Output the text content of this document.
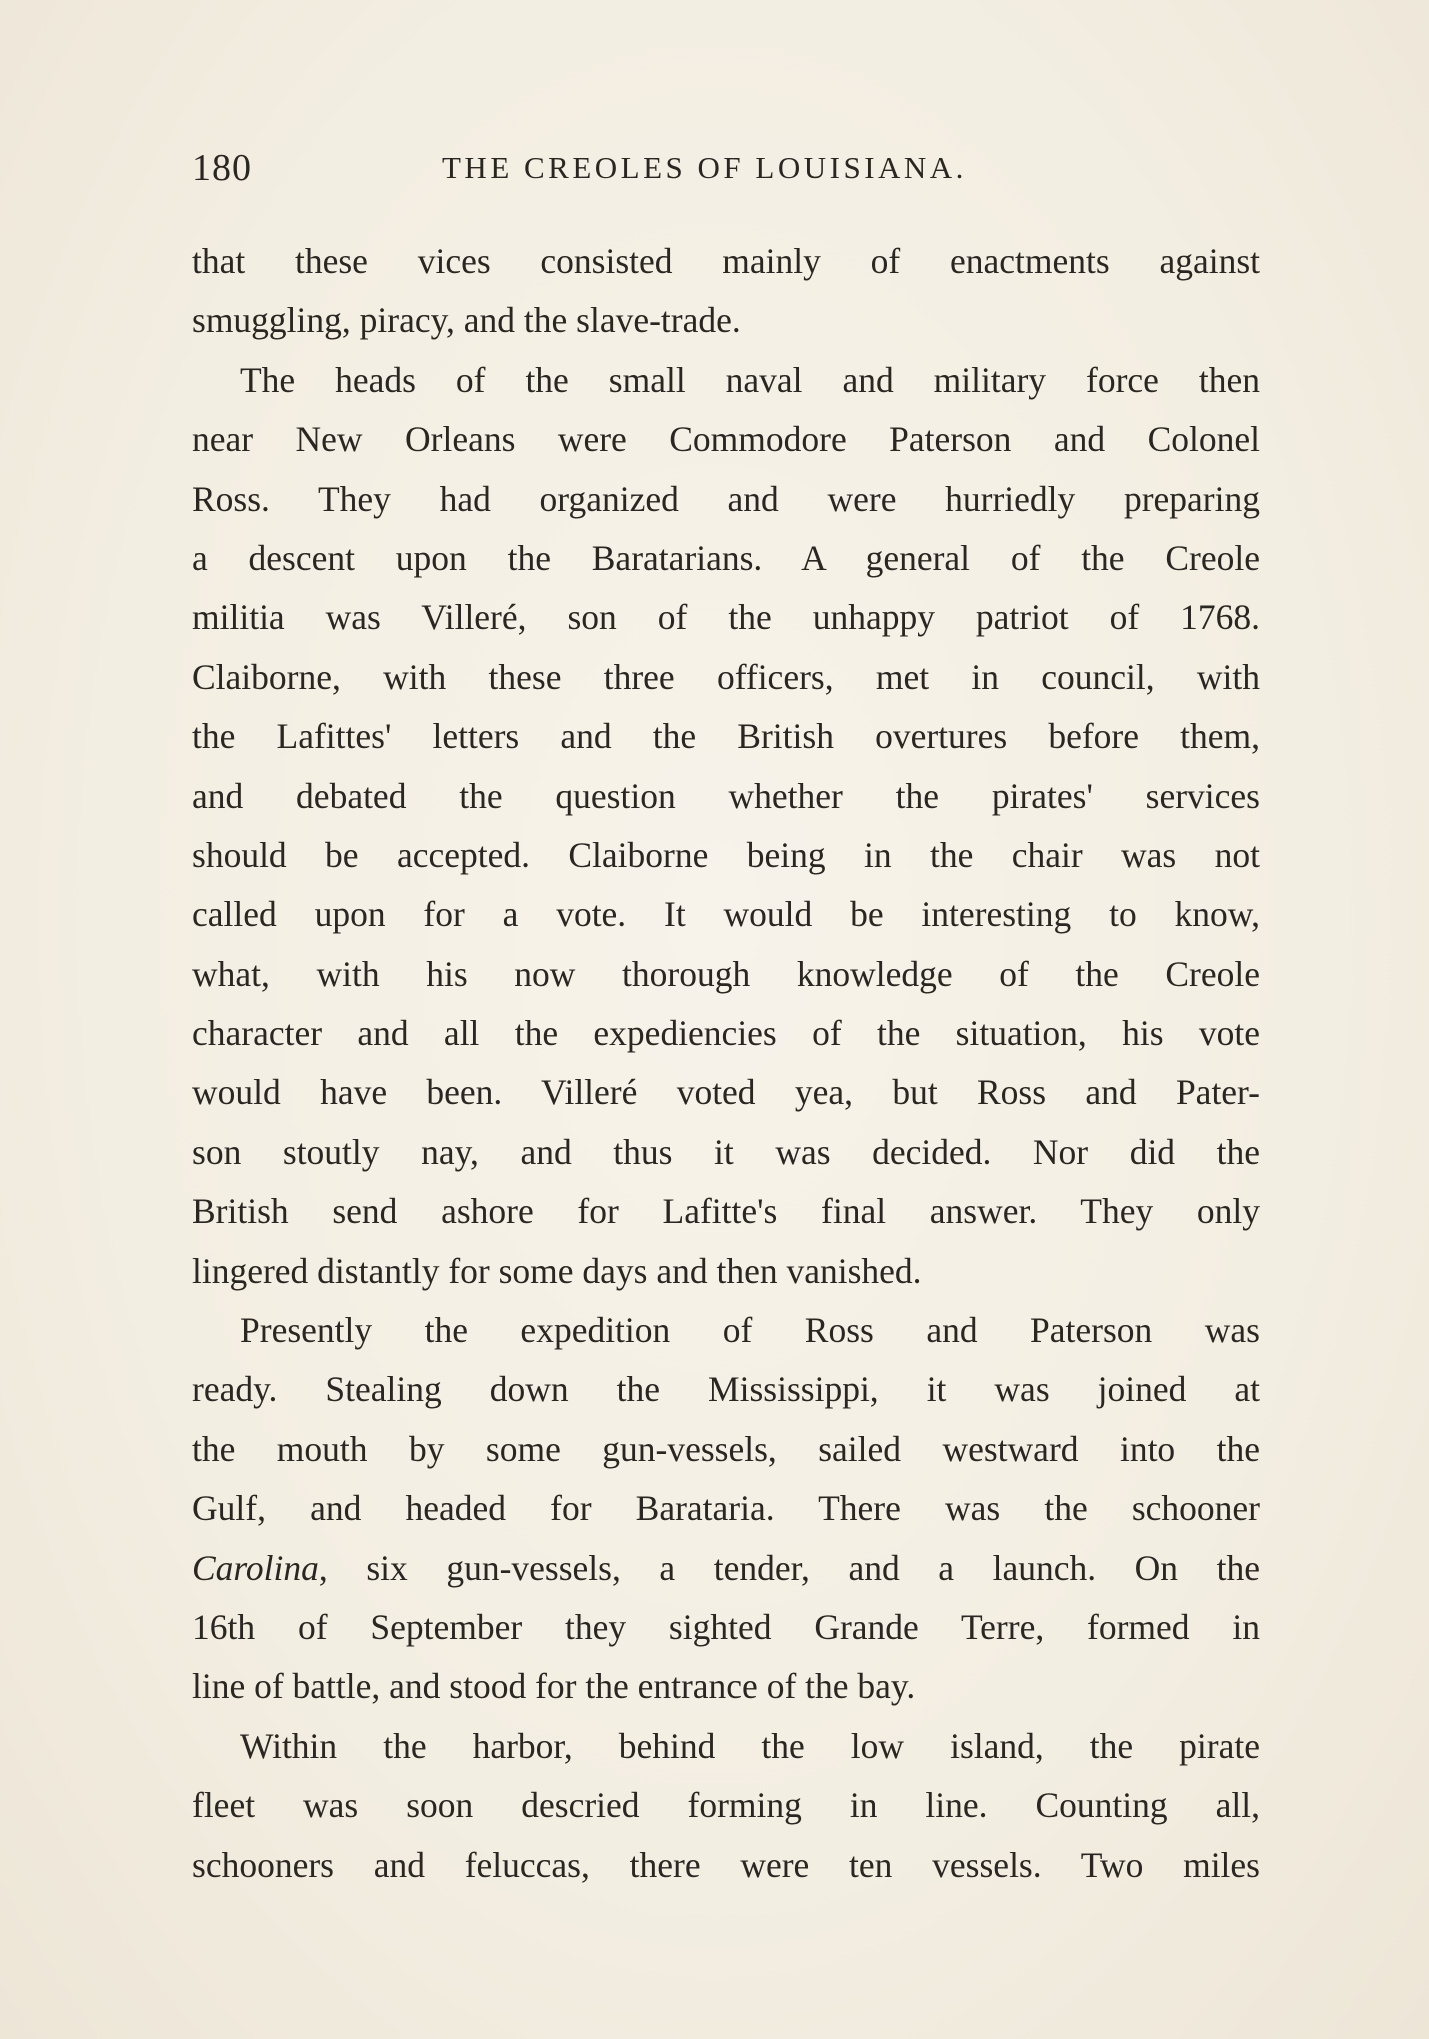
180	THE CREOLES OF LOUISIANA.
that these vices consisted mainly of enactments against
smuggling, piracy, and the slave-trade.
The heads of the small naval and military force then
near New Orleans were Commodore Paterson and Colonel
Ross. They had organized and were hurriedly preparing
a descent upon the Baratarians. A general of the Creole
militia was Villeré, son of the unhappy patriot of 1768.
Claiborne, with these three officers, met in council, with
the Lafittes' letters and the British overtures before them,
and debated the question whether the pirates' services
should be accepted. Claiborne being in the chair was not
called upon for a vote. It would be interesting to know,
what, with his now thorough knowledge of the Creole
character and all the expediencies of the situation, his vote
would have been. Villeré voted yea, but Ross and Pater-
son stoutly nay, and thus it was decided. Nor did the
British send ashore for Lafitte's final answer. They only
lingered distantly for some days and then vanished.
Presently the expedition of Ross and Paterson was
ready. Stealing down the Mississippi, it was joined at
the mouth by some gun-vessels, sailed westward into the
Gulf, and headed for Barataria. There was the schooner
Carolina, six gun-vessels, a tender, and a launch. On the
16th of September they sighted Grande Terre, formed in
line of battle, and stood for the entrance of the bay.
Within the harbor, behind the low island, the pirate
fleet was soon descried forming in line. Counting all,
schooners and feluccas, there were ten vessels. Two miles
